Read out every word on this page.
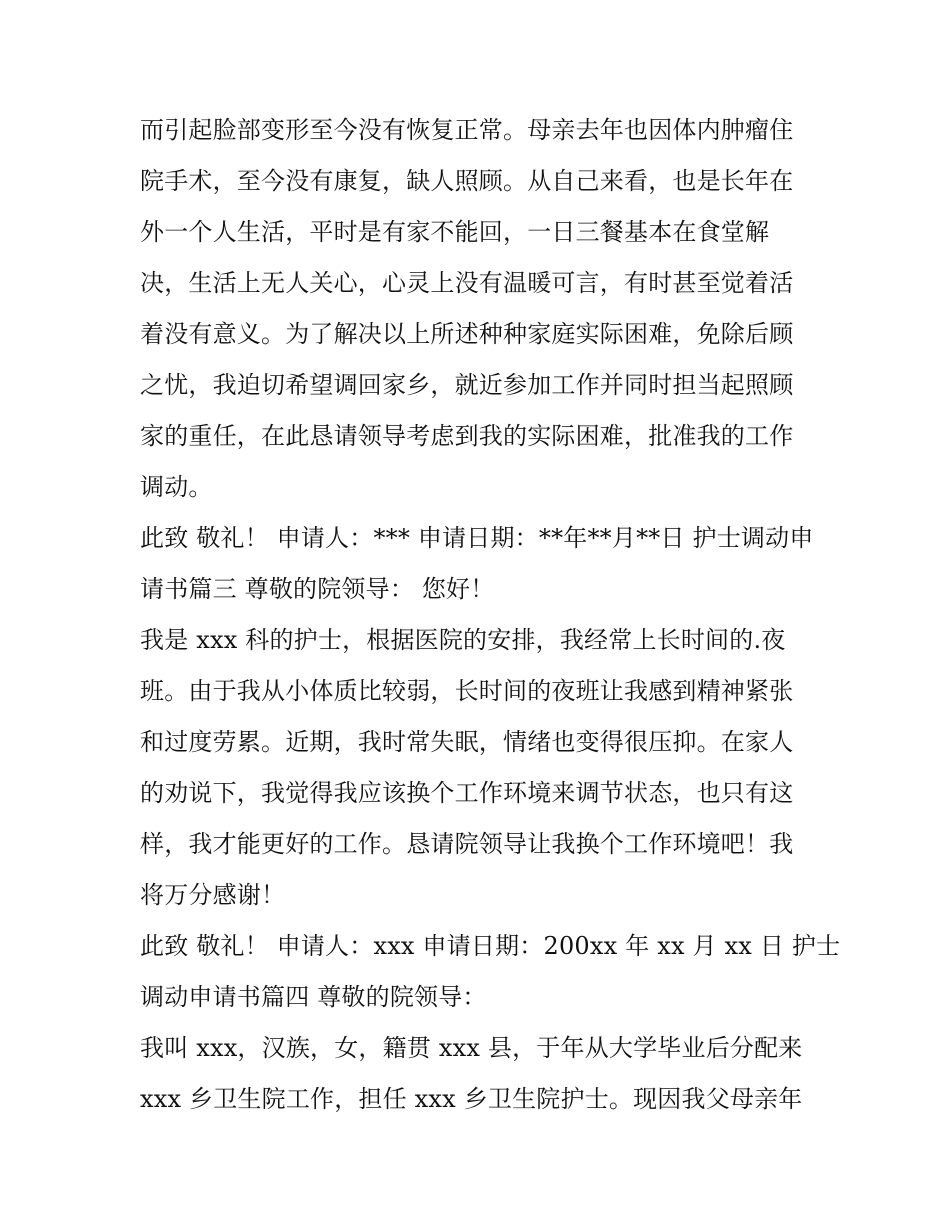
而引起脸部变形至今没有恢复正常。母亲去年也因体内肿瘤住
院手术，至今没有康复，缺人照顾。从自己来看，也是长年在
外一个人生活，平时是有家不能回，一日三餐基本在食堂解
决，生活上无人关心，心灵上没有温暖可言，有时甚至觉着活
着没有意义。为了解决以上所述种种家庭实际困难，免除后顾
之忧，我迫切希望调回家乡，就近参加工作并同时担当起照顾
家的重任，在此恳请领导考虑到我的实际困难，批准我的工作
调动。
此致 敬礼！ 申请人：*** 申请日期：**年**月**日 护士调动申
请书篇三 尊敬的院领导： 您好！
我是 xxx 科的护士，根据医院的安排，我经常上长时间的.夜
班。由于我从小体质比较弱，长时间的夜班让我感到精神紧张
和过度劳累。近期，我时常失眠，情绪也变得很压抑。在家人
的劝说下，我觉得我应该换个工作环境来调节状态，也只有这
样，我才能更好的工作。恳请院领导让我换个工作环境吧！我
将万分感谢！
此致 敬礼！ 申请人：xxx 申请日期：200xx 年 xx 月 xx 日 护士
调动申请书篇四 尊敬的院领导：
我叫 xxx，汉族，女，籍贯 xxx 县，于年从大学毕业后分配来
xxx 乡卫生院工作，担任 xxx 乡卫生院护士。现因我父母亲年
